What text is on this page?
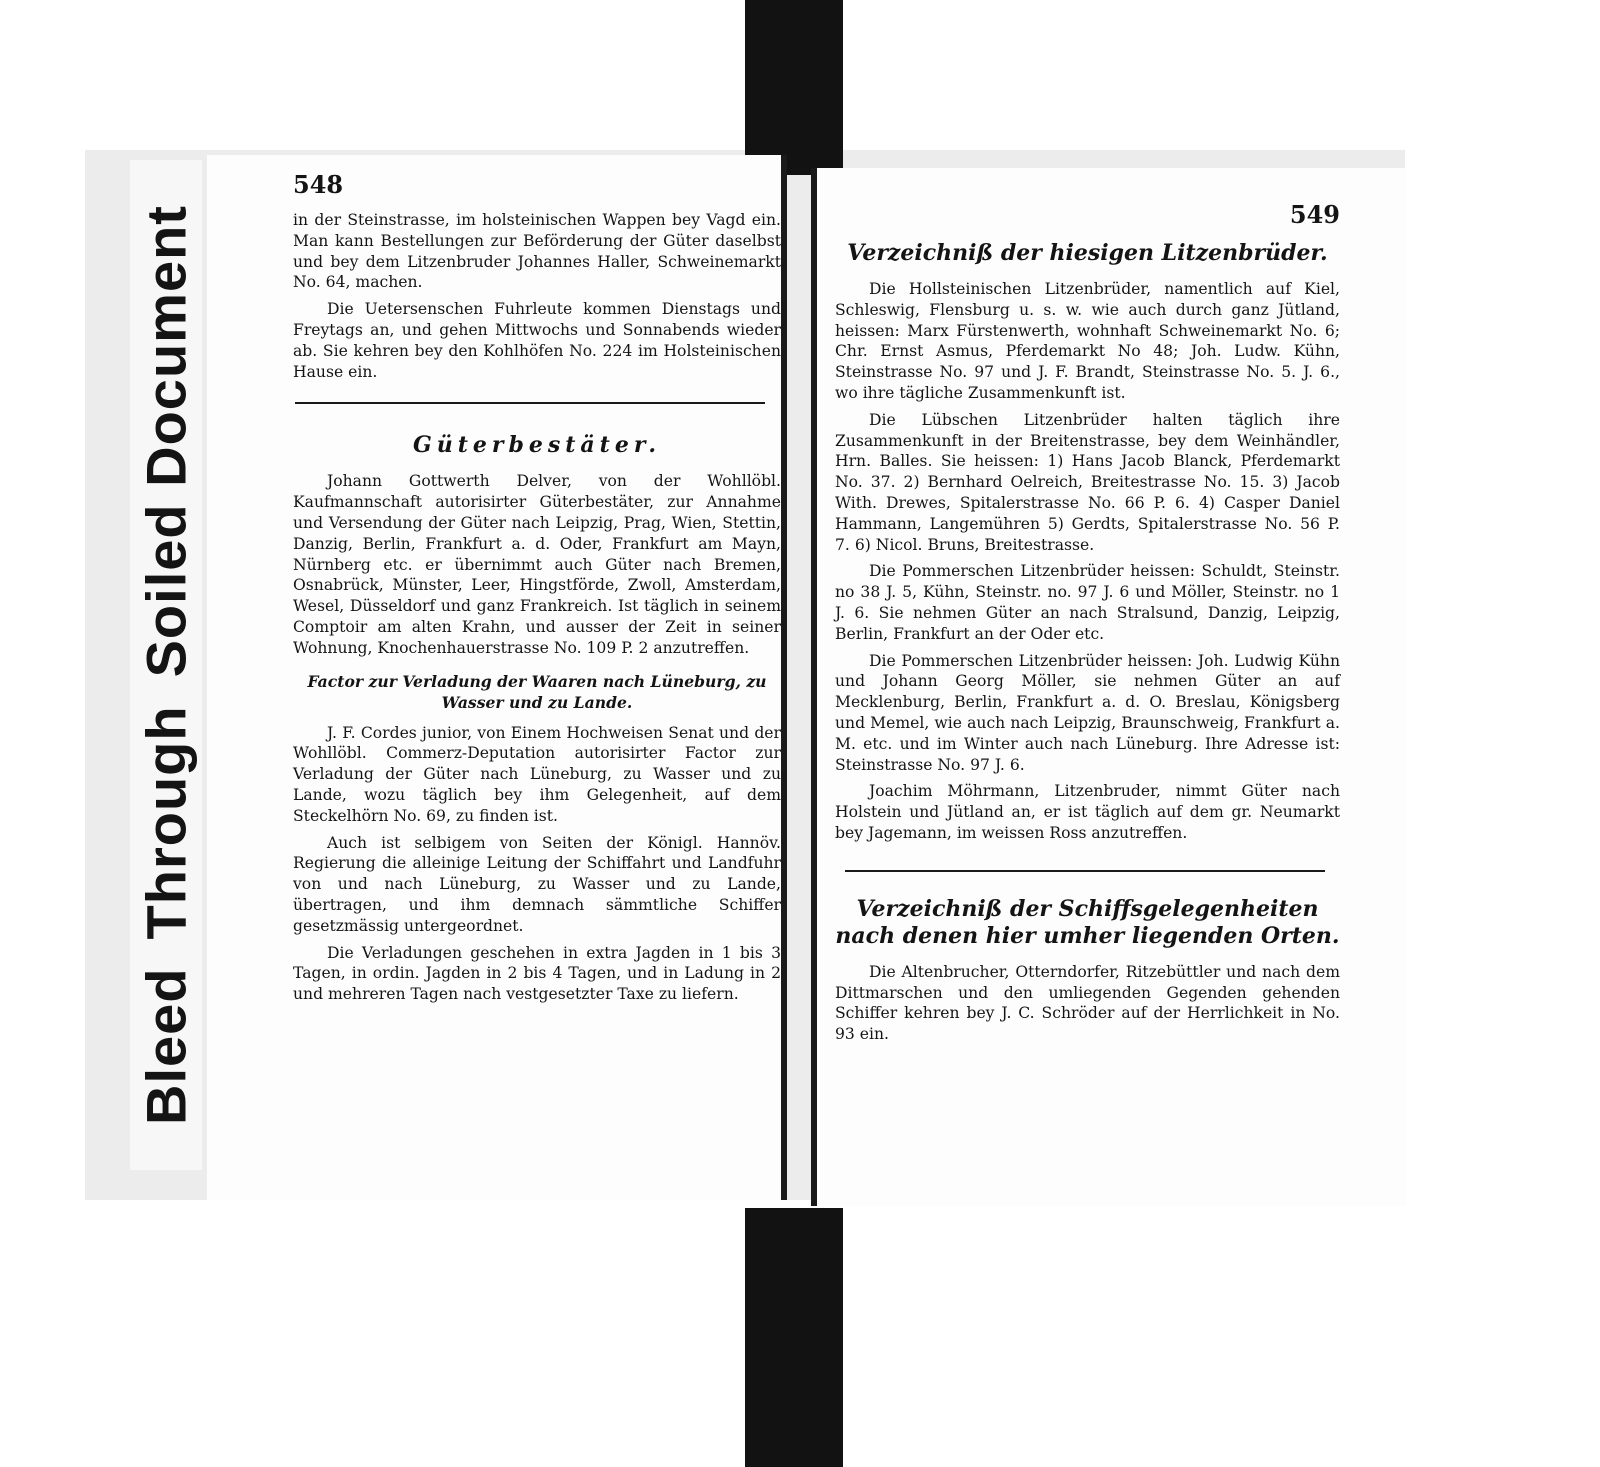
BleedThroughSoiled Document
548

in der Steinstrasse, im holsteinischen Wappen bey Vagd ein. Man kann Bestellungen zur Beförderung der Güter daselbst und bey dem Litzenbruder Johannes Haller, Schweinemarkt No. 64, machen.

Die Uetersenschen Fuhrleute kommen Dienstags und Freytags an, und gehen Mittwochs und Sonnabends wieder ab. Sie kehren bey den Kohlhöfen No. 224 im Holsteinischen Hause ein.

Güterbestäter.

Johann Gottwerth Delver, von der Wohllöbl. Kaufmannschaft autorisirter Güterbestäter, zur Annahme und Versendung der Güter nach Leipzig, Prag, Wien, Stettin, Danzig, Berlin, Frankfurt a. d. Oder, Frankfurt am Mayn, Nürnberg etc. er übernimmt auch Güter nach Bremen, Osnabrück, Münster, Leer, Hingstförde, Zwoll, Amsterdam, Wesel, Düsseldorf und ganz Frankreich. Ist täglich in seinem Comptoir am alten Krahn, und ausser der Zeit in seiner Wohnung, Knochenhauerstrasse No. 109 P. 2 anzutreffen.

Factor zur Verladung der Waaren nach Lüneburg, zu Wasser und zu Lande.

J. F. Cordes junior, von Einem Hochweisen Senat und der Wohllöbl. Commerz-Deputation autorisirter Factor zur Verladung der Güter nach Lüneburg, zu Wasser und zu Lande, wozu täglich bey ihm Gelegenheit, auf dem Steckelhörn No. 69, zu finden ist.

Auch ist selbigem von Seiten der Königl. Hannöv. Regierung die alleinige Leitung der Schiffahrt und Landfuhr von und nach Lüneburg, zu Wasser und zu Lande, übertragen, und ihm demnach sämmtliche Schiffer gesetzmässig untergeordnet.

Die Verladungen geschehen in extra Jagden in 1 bis 3 Tagen, in ordin. Jagden in 2 bis 4 Tagen, und in Ladung in 2 und mehreren Tagen nach vestgesetzter Taxe zu liefern.

549
Verzeichniß der hiesigen Litzenbrüder.

Die Hollsteinischen Litzenbrüder, namentlich auf Kiel, Schleswig, Flensburg u. s. w. wie auch durch ganz Jütland, heissen: Marx Fürstenwerth, wohnhaft Schweinemarkt No. 6; Chr. Ernst Asmus, Pferdemarkt No 48; Joh. Ludw. Kühn, Steinstrasse No. 97 und J. F. Brandt, Steinstrasse No. 5. J. 6., wo ihre tägliche Zusammenkunft ist.

Die Lübschen Litzenbrüder halten täglich ihre Zusammenkunft in der Breitenstrasse, bey dem Weinhändler, Hrn. Balles. Sie heissen: 1) Hans Jacob Blanck, Pferdemarkt No. 37. 2) Bernhard Oelreich, Breitestrasse No. 15. 3) Jacob With. Drewes, Spitalerstrasse No. 66 P. 6. 4) Casper Daniel Hammann, Langemühren 5) Gerdts, Spitalerstrasse No. 56 P. 7. 6) Nicol. Bruns, Breitestrasse.

Die Pommerschen Litzenbrüder heissen: Schuldt, Steinstr. no 38 J. 5, Kühn, Steinstr. no. 97 J. 6 und Möller, Steinstr. no 1 J. 6. Sie nehmen Güter an nach Stralsund, Danzig, Leipzig, Berlin, Frankfurt an der Oder etc.

Die Pommerschen Litzenbrüder heissen: Joh. Ludwig Kühn und Johann Georg Möller, sie nehmen Güter an auf Mecklenburg, Berlin, Frankfurt a. d. O. Breslau, Königsberg und Memel, wie auch nach Leipzig, Braunschweig, Frankfurt a. M. etc. und im Winter auch nach Lüneburg. Ihre Adresse ist: Steinstrasse No. 97 J. 6.

Joachim Möhrmann, Litzenbruder, nimmt Güter nach Holstein und Jütland an, er ist täglich auf dem gr. Neumarkt bey Jagemann, im weissen Ross anzutreffen.

Verzeichniß der Schiffsgelegenheiten nach denen hier umher liegenden Orten.

Die Altenbrucher, Otterndorfer, Ritzebüttler und nach dem Dittmarschen und den umliegenden Gegenden gehenden Schiffer kehren bey J. C. Schröder auf der Herrlichkeit in No. 93 ein.
